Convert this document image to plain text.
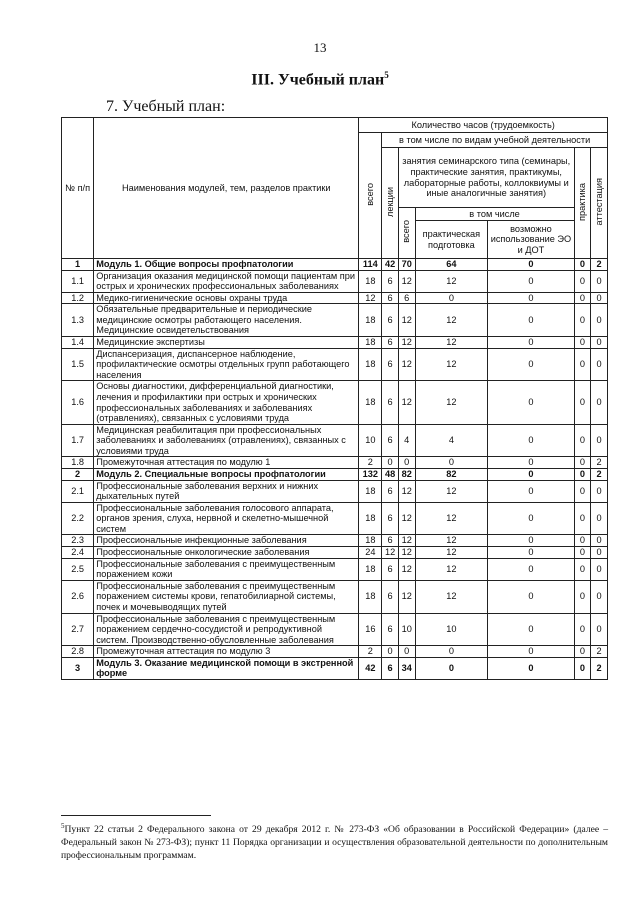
13
III. Учебный план$^5$
7. Учебный план:
№ п/п	Наименования модулей, тем, разделов практики	Количество часов (трудоемкость)						
		всего	в том числе по видам учебной деятельности					
			лекции	занятия семинарского типа (семинары, практические занятия, практикумы, лабораторные работы, коллоквиумы и иные аналогичные занятия)			практика	аттестация
				всего	в том числе			
					практическая подготовка	возможно использование ЭО и ДОТ		
1	Модуль 1. Общие вопросы профпатологии	114	42	70	64	0	0	2
1.1	Организация оказания медицинской помощи пациентам при острых и хронических профессиональных заболеваниях	18	6	12	12	0	0	0
1.2	Медико-гигиенические основы охраны труда	12	6	6	0	0	0	0
1.3	Обязательные предварительные и периодические медицинские осмотры работающего населения. Медицинские освидетельствования	18	6	12	12	0	0	0
1.4	Медицинские экспертизы	18	6	12	12	0	0	0
1.5	Диспансеризация, диспансерное наблюдение, профилактические осмотры отдельных групп работающего населения	18	6	12	12	0	0	0
1.6	Основы диагностики, дифференциальной диагностики, лечения и профилактики при острых и хронических профессиональных заболеваниях и заболеваниях (отравлениях), связанных с условиями труда	18	6	12	12	0	0	0
1.7	Медицинская реабилитация при профессиональных заболеваниях и заболеваниях (отравлениях), связанных с условиями труда	10	6	4	4	0	0	0
1.8	Промежуточная аттестация по модулю 1	2	0	0	0	0	0	2
2	Модуль 2. Специальные вопросы профпатологии	132	48	82	82	0	0	2
2.1	Профессиональные заболевания верхних и нижних дыхательных путей	18	6	12	12	0	0	0
2.2	Профессиональные заболевания голосового аппарата, органов зрения, слуха, нервной и скелетно-мышечной систем	18	6	12	12	0	0	0
2.3	Профессиональные инфекционные заболевания	18	6	12	12	0	0	0
2.4	Профессиональные онкологические заболевания	24	12	12	12	0	0	0
2.5	Профессиональные заболевания с преимущественным поражением кожи	18	6	12	12	0	0	0
2.6	Профессиональные заболевания с преимущественным поражением системы крови, гепатобилиарной системы, почек и мочевыводящих путей	18	6	12	12	0	0	0
2.7	Профессиональные заболевания с преимущественным поражением сердечно-сосудистой и репродуктивной систем. Производственно-обусловленные заболевания	16	6	10	10	0	0	0
2.8	Промежуточная аттестация по модулю 3	2	0	0	0	0	0	2
3	Модуль 3. Оказание медицинской помощи в экстренной форме	42	6	34	0	0	0	2
$^5$Пункт 22 статьи 2 Федерального закона от 29 декабря 2012 г. № 273-ФЗ «Об образовании в Российской Федерации» (далее – Федеральный закон № 273-ФЗ); пункт 11 Порядка организации и осуществления образовательной деятельности по дополнительным профессиональным программам.
